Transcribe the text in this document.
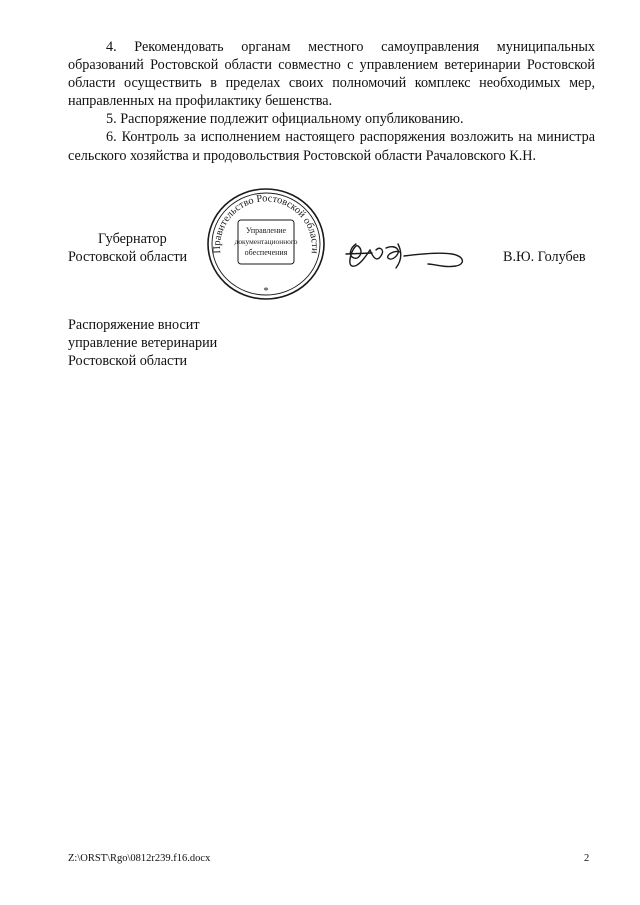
4. Рекомендовать органам местного самоуправления муниципальных образований Ростовской области совместно с управлением ветеринарии Ростовской области осуществить в пределах своих полномочий комплекс необходимых мер, направленных на профилактику бешенства.

5. Распоряжение подлежит официальному опубликованию.

6. Контроль за исполнением настоящего распоряжения возложить на министра сельского хозяйства и продовольствия Ростовской области Рачаловского К.Н.

Губернатор
Ростовской области Правительство Ростовской области
Управление
документационного
обеспечения
*
В.Ю. Голубев
Распоряжение вносит
управление ветеринарии
Ростовской области
Z:\ORST\Rgo\0812r239.f16.docx	2
